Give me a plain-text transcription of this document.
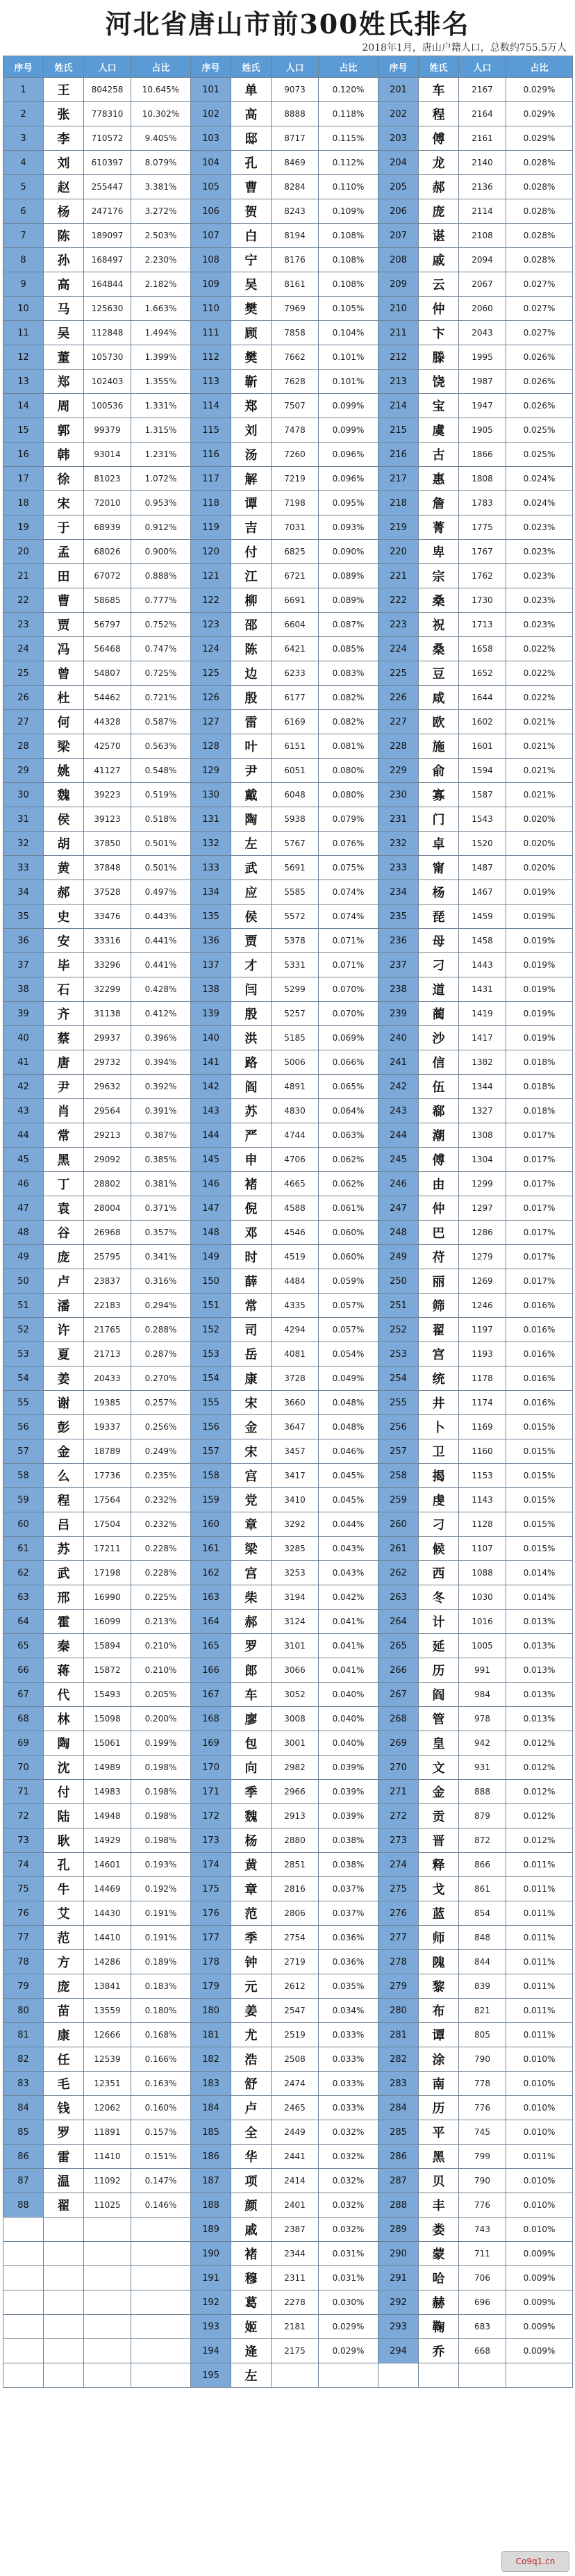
河北省唐山市前300姓氏排名
2018年1月，唐山户籍人口，总数约755.5万人
序号	姓氏	人口	占比	序号	姓氏	人口	占比	序号	姓氏	人口	占比
1	王	804258	10.645%	101	单	9073	0.120%	201	车	2167	0.029%
2	张	778310	10.302%	102	高	8888	0.118%	202	程	2164	0.029%
3	李	710572	9.405%	103	邸	8717	0.115%	203	傅	2161	0.029%
4	刘	610397	8.079%	104	孔	8469	0.112%	204	龙	2140	0.028%
5	赵	255447	3.381%	105	曹	8284	0.110%	205	郝	2136	0.028%
6	杨	247176	3.272%	106	贺	8243	0.109%	206	庞	2114	0.028%
7	陈	189097	2.503%	107	白	8194	0.108%	207	谌	2108	0.028%
8	孙	168497	2.230%	108	宁	8176	0.108%	208	戚	2094	0.028%
9	高	164844	2.182%	109	吴	8161	0.108%	209	云	2067	0.027%
10	马	125630	1.663%	110	樊	7969	0.105%	210	仲	2060	0.027%
11	吴	112848	1.494%	111	顾	7858	0.104%	211	卞	2043	0.027%
12	董	105730	1.399%	112	樊	7662	0.101%	212	滕	1995	0.026%
13	郑	102403	1.355%	113	靳	7628	0.101%	213	饶	1987	0.026%
14	周	100536	1.331%	114	郑	7507	0.099%	214	宝	1947	0.026%
15	郭	99379	1.315%	115	刘	7478	0.099%	215	虞	1905	0.025%
16	韩	93014	1.231%	116	汤	7260	0.096%	216	古	1866	0.025%
17	徐	81023	1.072%	117	解	7219	0.096%	217	惠	1808	0.024%
18	宋	72010	0.953%	118	谭	7198	0.095%	218	詹	1783	0.024%
19	于	68939	0.912%	119	吉	7031	0.093%	219	菁	1775	0.023%
20	孟	68026	0.900%	120	付	6825	0.090%	220	卑	1767	0.023%
21	田	67072	0.888%	121	江	6721	0.089%	221	宗	1762	0.023%
22	曹	58685	0.777%	122	柳	6691	0.089%	222	桑	1730	0.023%
23	贾	56797	0.752%	123	邵	6604	0.087%	223	祝	1713	0.023%
24	冯	56468	0.747%	124	陈	6421	0.085%	224	桑	1658	0.022%
25	曾	54807	0.725%	125	边	6233	0.083%	225	豆	1652	0.022%
26	杜	54462	0.721%	126	殷	6177	0.082%	226	咸	1644	0.022%
27	何	44328	0.587%	127	雷	6169	0.082%	227	欧	1602	0.021%
28	梁	42570	0.563%	128	叶	6151	0.081%	228	施	1601	0.021%
29	姚	41127	0.548%	129	尹	6051	0.080%	229	俞	1594	0.021%
30	魏	39223	0.519%	130	戴	6048	0.080%	230	寡	1587	0.021%
31	侯	39123	0.518%	131	陶	5938	0.079%	231	门	1543	0.020%
32	胡	37850	0.501%	132	左	5767	0.076%	232	卓	1520	0.020%
33	黄	37848	0.501%	133	武	5691	0.075%	233	甯	1487	0.020%
34	郝	37528	0.497%	134	应	5585	0.074%	234	杨	1467	0.019%
35	史	33476	0.443%	135	侯	5572	0.074%	235	琵	1459	0.019%
36	安	33316	0.441%	136	贾	5378	0.071%	236	母	1458	0.019%
37	毕	33296	0.441%	137	才	5331	0.071%	237	刁	1443	0.019%
38	石	32299	0.428%	138	闫	5299	0.070%	238	道	1431	0.019%
39	齐	31138	0.412%	139	殷	5257	0.070%	239	蔺	1419	0.019%
40	蔡	29937	0.396%	140	洪	5185	0.069%	240	沙	1417	0.019%
41	唐	29732	0.394%	141	路	5006	0.066%	241	信	1382	0.018%
42	尹	29632	0.392%	142	阎	4891	0.065%	242	伍	1344	0.018%
43	肖	29564	0.391%	143	苏	4830	0.064%	243	郗	1327	0.018%
44	常	29213	0.387%	144	严	4744	0.063%	244	潮	1308	0.017%
45	黑	29092	0.385%	145	申	4706	0.062%	245	傅	1304	0.017%
46	丁	28802	0.381%	146	褚	4665	0.062%	246	由	1299	0.017%
47	袁	28004	0.371%	147	倪	4588	0.061%	247	仲	1297	0.017%
48	谷	26968	0.357%	148	邓	4546	0.060%	248	巴	1286	0.017%
49	庞	25795	0.341%	149	时	4519	0.060%	249	苻	1279	0.017%
50	卢	23837	0.316%	150	薛	4484	0.059%	250	丽	1269	0.017%
51	潘	22183	0.294%	151	常	4335	0.057%	251	筛	1246	0.016%
52	许	21765	0.288%	152	司	4294	0.057%	252	翟	1197	0.016%
53	夏	21713	0.287%	153	岳	4081	0.054%	253	宫	1193	0.016%
54	姜	20433	0.270%	154	康	3728	0.049%	254	统	1178	0.016%
55	谢	19385	0.257%	155	宋	3660	0.048%	255	井	1174	0.016%
56	彭	19337	0.256%	156	金	3647	0.048%	256	卜	1169	0.015%
57	金	18789	0.249%	157	宋	3457	0.046%	257	卫	1160	0.015%
58	么	17736	0.235%	158	宫	3417	0.045%	258	揭	1153	0.015%
59	程	17564	0.232%	159	党	3410	0.045%	259	虔	1143	0.015%
60	吕	17504	0.232%	160	章	3292	0.044%	260	刁	1128	0.015%
61	苏	17211	0.228%	161	梁	3285	0.043%	261	候	1107	0.015%
62	武	17198	0.228%	162	宫	3253	0.043%	262	西	1088	0.014%
63	邢	16990	0.225%	163	柴	3194	0.042%	263	冬	1030	0.014%
64	霍	16099	0.213%	164	郝	3124	0.041%	264	计	1016	0.013%
65	秦	15894	0.210%	165	罗	3101	0.041%	265	延	1005	0.013%
66	蒋	15872	0.210%	166	郎	3066	0.041%	266	历	991	0.013%
67	代	15493	0.205%	167	车	3052	0.040%	267	阎	984	0.013%
68	林	15098	0.200%	168	廖	3008	0.040%	268	管	978	0.013%
69	陶	15061	0.199%	169	包	3001	0.040%	269	皇	942	0.012%
70	沈	14989	0.198%	170	向	2982	0.039%	270	文	931	0.012%
71	付	14983	0.198%	171	季	2966	0.039%	271	金	888	0.012%
72	陆	14948	0.198%	172	魏	2913	0.039%	272	贡	879	0.012%
73	耿	14929	0.198%	173	杨	2880	0.038%	273	晋	872	0.012%
74	孔	14601	0.193%	174	黄	2851	0.038%	274	释	866	0.011%
75	牛	14469	0.192%	175	章	2816	0.037%	275	戈	861	0.011%
76	艾	14430	0.191%	176	范	2806	0.037%	276	蓝	854	0.011%
77	范	14410	0.191%	177	季	2754	0.036%	277	师	848	0.011%
78	方	14286	0.189%	178	钟	2719	0.036%	278	隗	844	0.011%
79	庞	13841	0.183%	179	元	2612	0.035%	279	黎	839	0.011%
80	苗	13559	0.180%	180	姜	2547	0.034%	280	布	821	0.011%
81	康	12666	0.168%	181	尤	2519	0.033%	281	谭	805	0.011%
82	任	12539	0.166%	182	浩	2508	0.033%	282	涂	790	0.010%
83	毛	12351	0.163%	183	舒	2474	0.033%	283	南	778	0.010%
84	钱	12062	0.160%	184	卢	2465	0.033%	284	历	776	0.010%
85	罗	11891	0.157%	185	全	2449	0.032%	285	平	745	0.010%
86	雷	11410	0.151%	186	华	2441	0.032%	286	黑	799	0.011%
87	温	11092	0.147%	187	项	2414	0.032%	287	贝	790	0.010%
88	翟	11025	0.146%	188	颜	2401	0.032%	288	丰	776	0.010%
				189	戚	2387	0.032%	289	娄	743	0.010%
				190	褚	2344	0.031%	290	蒙	711	0.009%
				191	穆	2311	0.031%	291	哈	706	0.009%
				192	葛	2278	0.030%	292	赫	696	0.009%
				193	姬	2181	0.029%	293	鞠	683	0.009%
				194	逄	2175	0.029%	294	乔	668	0.009%
				195	左						
Co9q1.cn
